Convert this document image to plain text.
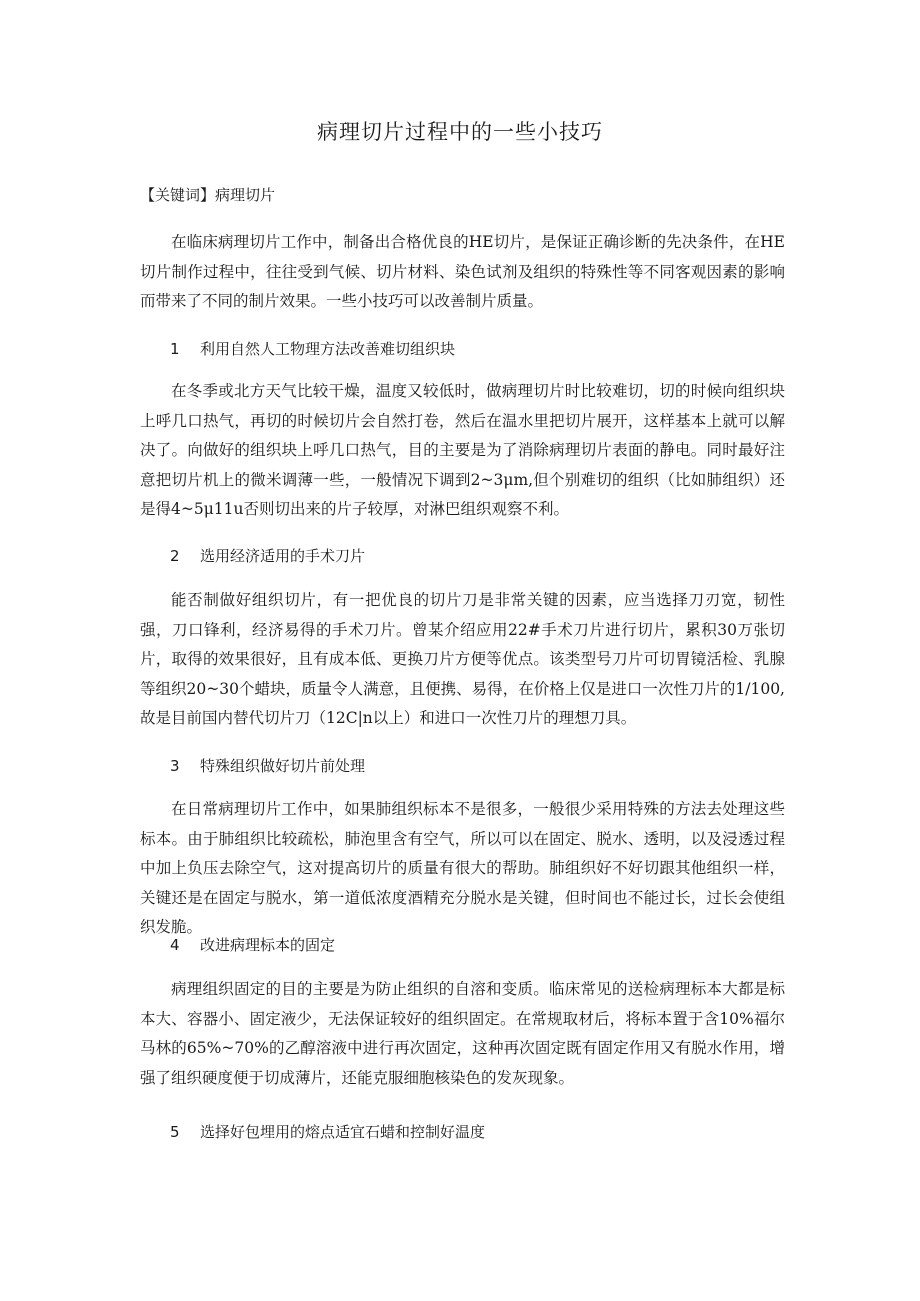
病理切片过程中的一些小技巧
【关键词】病理切片

在临床病理切片工作中，制备出合格优良的HE切片，是保证正确诊断的先决条件，在HE切片制作过程中，往往受到气候、切片材料、染色试剂及组织的特殊性等不同客观因素的影响而带来了不同的制片效果。一些小技巧可以改善制片质量。

1 利用自然人工物理方法改善难切组织块

在冬季或北方天气比较干燥，温度又较低时，做病理切片时比较难切，切的时候向组织块上呼几口热气，再切的时候切片会自然打卷，然后在温水里把切片展开，这样基本上就可以解决了。向做好的组织块上呼几口热气，目的主要是为了消除病理切片表面的静电。同时最好注意把切片机上的微米调薄一些，一般情况下调到2~3μm,但个别难切的组织（比如肺组织）还是得4~5μ11u否则切出来的片子较厚，对淋巴组织观察不利。

2 选用经济适用的手术刀片

能否制做好组织切片，有一把优良的切片刀是非常关键的因素，应当选择刀刃宽，韧性强，刀口锋利，经济易得的手术刀片。曾某介绍应用22#手术刀片进行切片，累积30万张切片，取得的效果很好，且有成本低、更换刀片方便等优点。该类型号刀片可切胃镜活检、乳腺等组织20~30个蜡块，质量令人满意，且便携、易得，在价格上仅是进口一次性刀片的1/100,故是目前国内替代切片刀（12C|n以上）和进口一次性刀片的理想刀具。

3 特殊组织做好切片前处理

在日常病理切片工作中，如果肺组织标本不是很多，一般很少采用特殊的方法去处理这些标本。由于肺组织比较疏松，肺泡里含有空气，所以可以在固定、脱水、透明，以及浸透过程中加上负压去除空气，这对提高切片的质量有很大的帮助。肺组织好不好切跟其他组织一样，关键还是在固定与脱水，第一道低浓度酒精充分脱水是关键，但时间也不能过长，过长会使组织发脆。

4 改进病理标本的固定

病理组织固定的目的主要是为防止组织的自溶和变质。临床常见的送检病理标本大都是标本大、容器小、固定液少，无法保证较好的组织固定。在常规取材后，将标本置于含10%福尔马林的65%~70%的乙醇溶液中进行再次固定，这种再次固定既有固定作用又有脱水作用，增强了组织硬度便于切成薄片，还能克服细胞核染色的发灰现象。

5 选择好包埋用的熔点适宜石蜡和控制好温度
